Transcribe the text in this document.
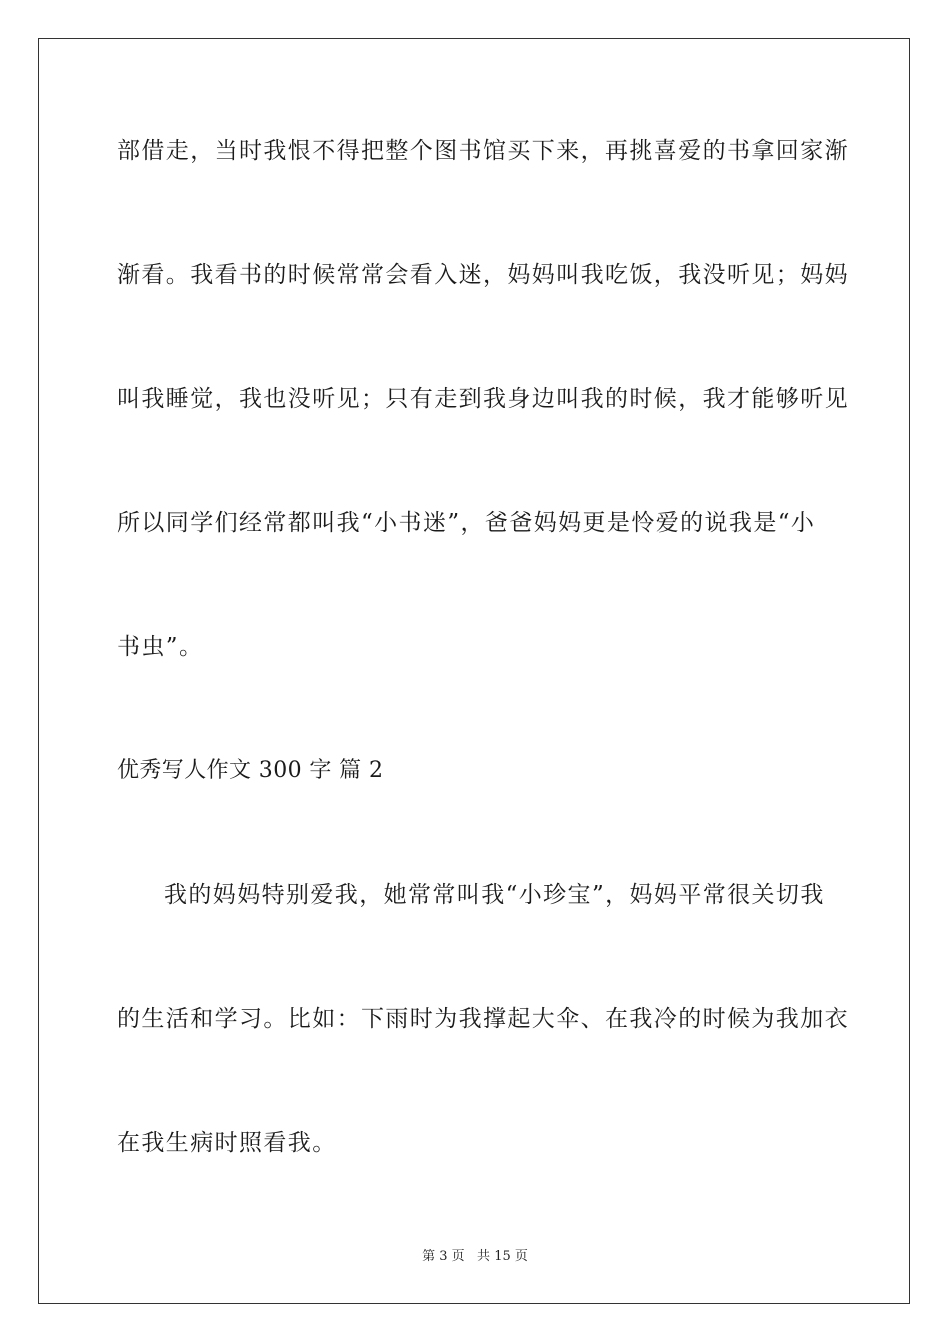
部借走，当时我恨不得把整个图书馆买下来，再挑喜爱的书拿回家渐
渐看。我看书的时候常常会看入迷，妈妈叫我吃饭，我没听见；妈妈
叫我睡觉，我也没听见；只有走到我身边叫我的时候，我才能够听见
所以同学们经常都叫我“小书迷”，爸爸妈妈更是怜爱的说我是“小
书虫”。
优秀写人作文 300 字 篇 2
我的妈妈特别爱我，她常常叫我“小珍宝”，妈妈平常很关切我
的生活和学习。比如：下雨时为我撑起大伞、在我冷的时候为我加衣
在我生病时照看我。
第 3 页   共 15 页
